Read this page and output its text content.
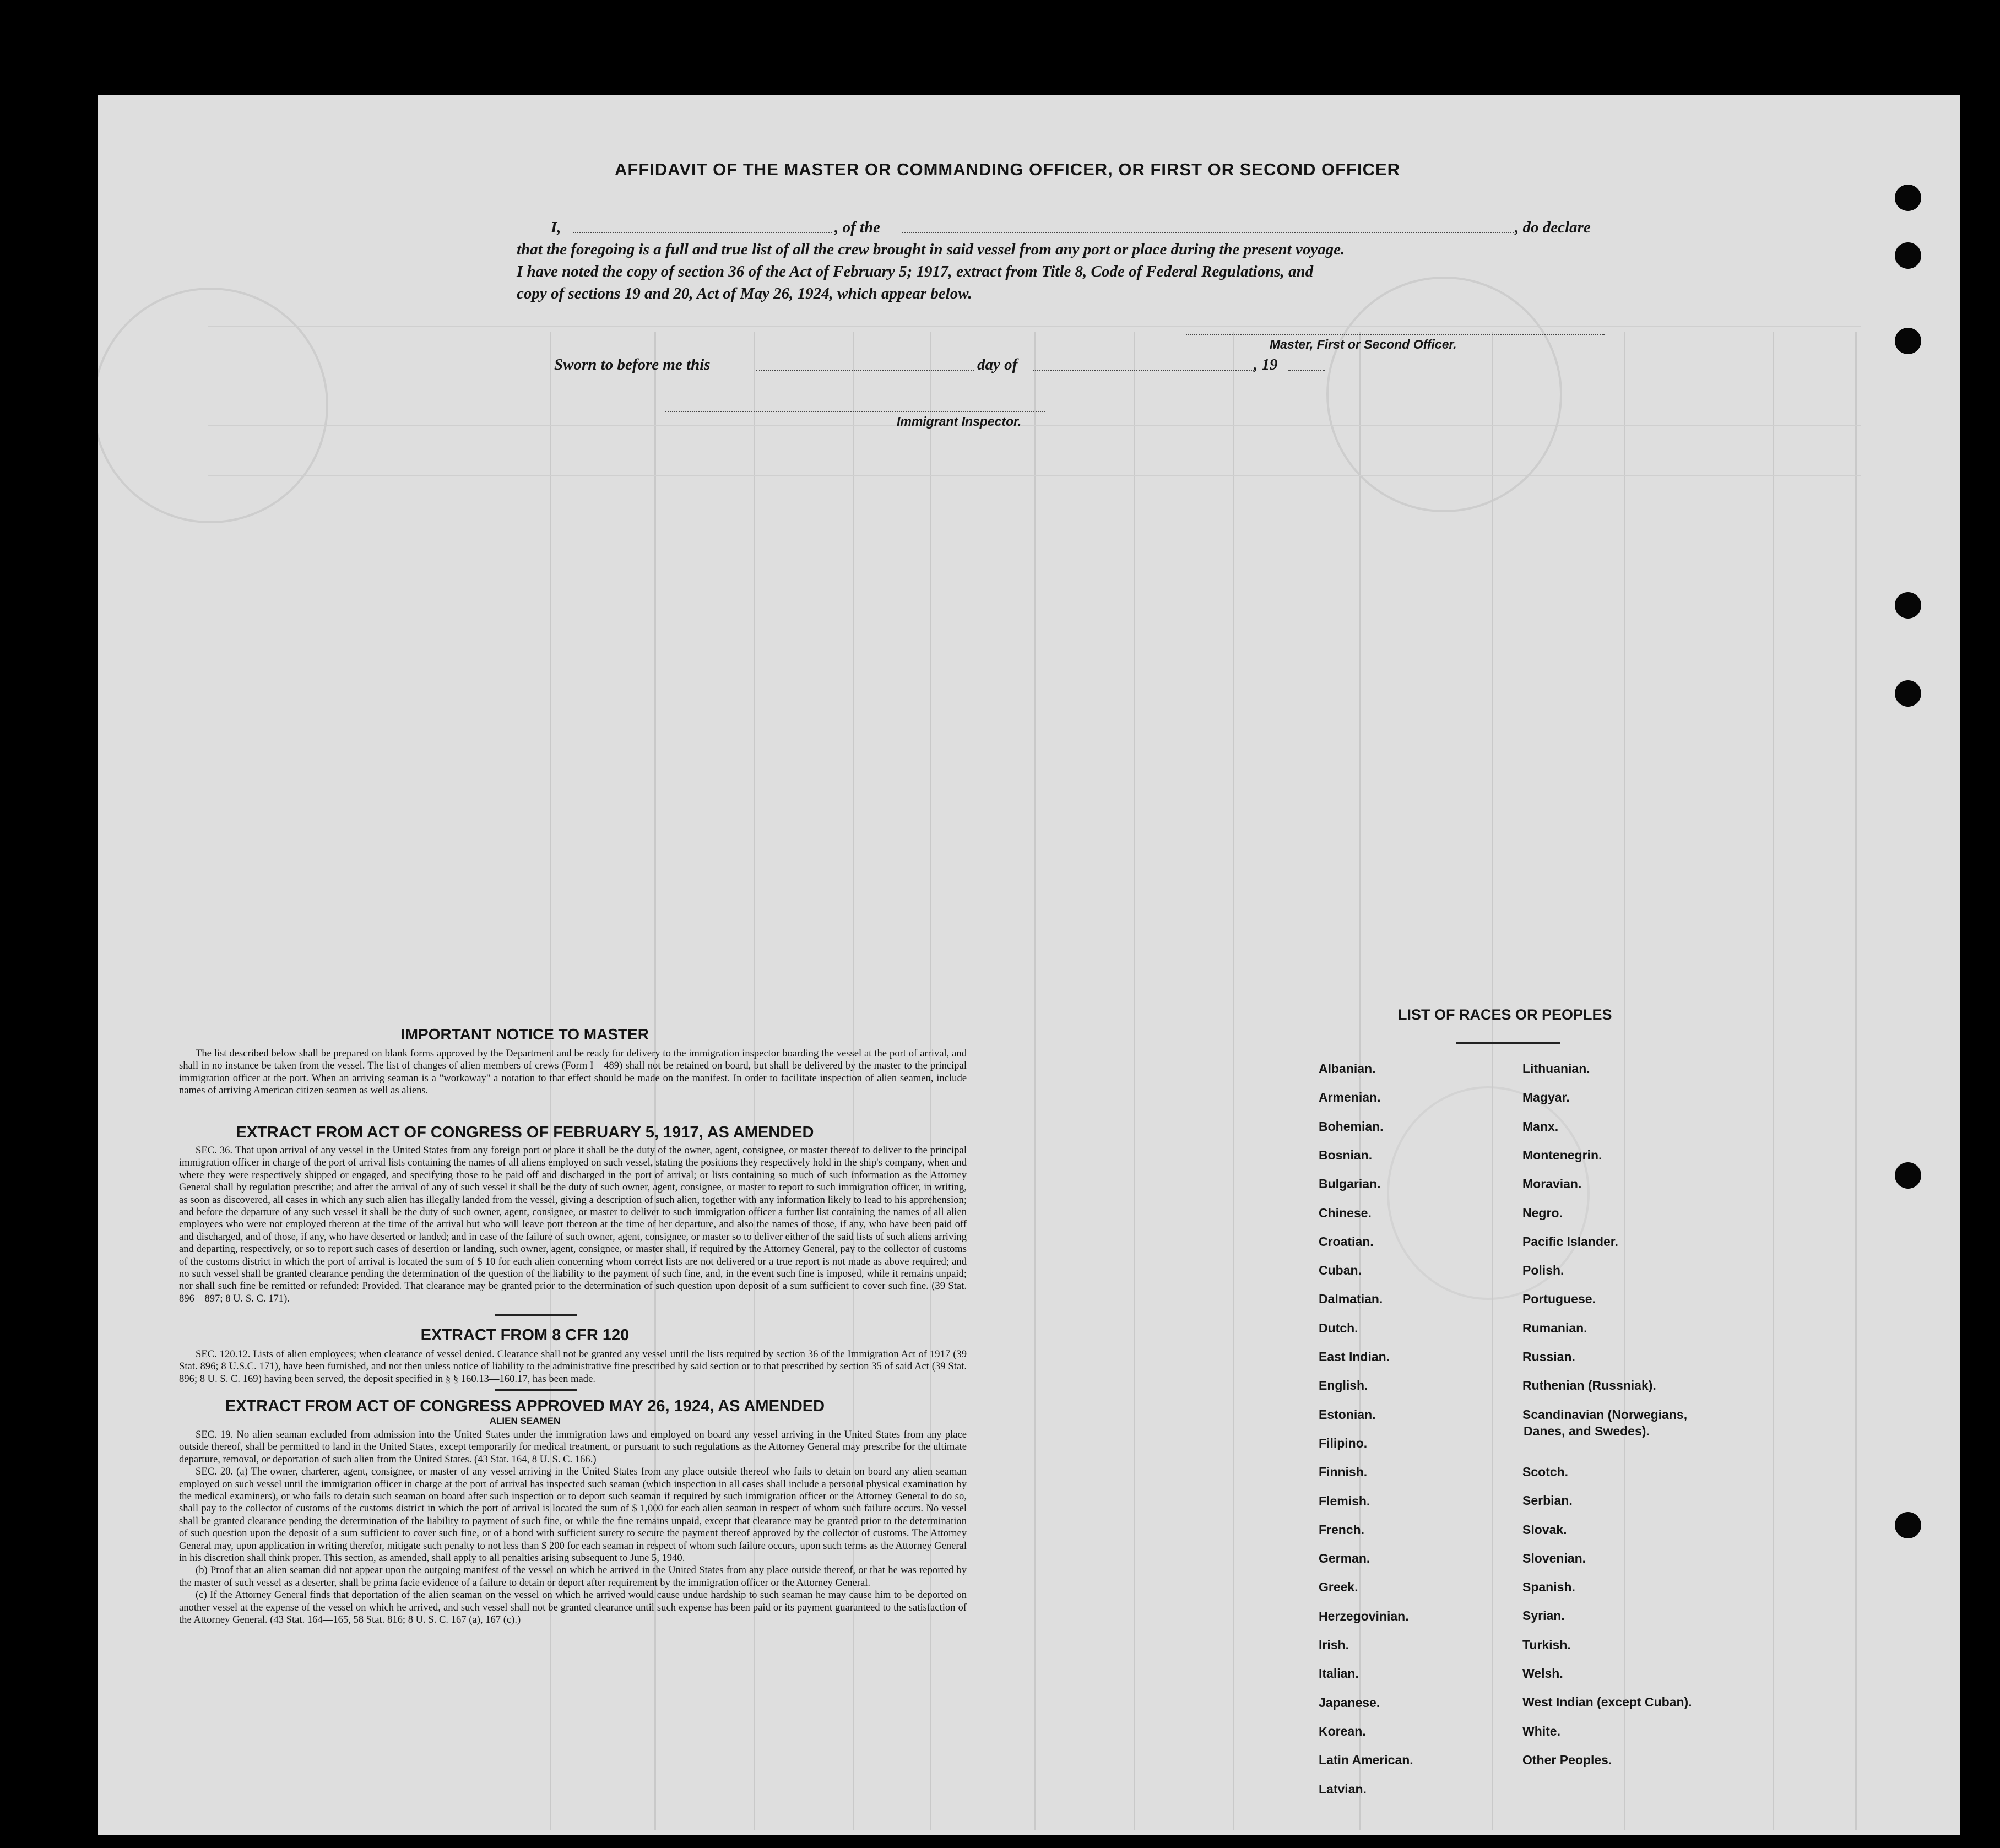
AFFIDAVIT OF THE MASTER OR COMMANDING OFFICER, OR FIRST OR SECOND OFFICER
I,	, of the	, do declare
that the foregoing is a full and true list of all the crew brought in said vessel from any port or place during the present voyage.
I have noted the copy of section 36 of the Act of February 5; 1917, extract from Title 8, Code of Federal Regulations, and
copy of sections 19 and 20, Act of May 26, 1924, which appear below.
Master, First or Second Officer.
Sworn to before me this	day of	, 19
Immigrant Inspector.
IMPORTANT NOTICE TO MASTER

The list described below shall be prepared on blank forms approved by the Department and be ready for delivery to the immigration inspector boarding the vessel at the port of arrival, and shall in no instance be taken from the vessel. The list of changes of alien members of crews (Form I—489) shall not be retained on board, but shall be delivered by the master to the principal immigration officer at the port. When an arriving seaman is a "workaway" a notation to that effect should be made on the manifest. In order to facilitate inspection of alien seamen, include names of arriving American citizen seamen as well as aliens.

EXTRACT FROM ACT OF CONGRESS OF FEBRUARY 5, 1917, AS AMENDED

SEC. 36. That upon arrival of any vessel in the United States from any foreign port or place it shall be the duty of the owner, agent, consignee, or master thereof to deliver to the principal immigration officer in charge of the port of arrival lists containing the names of all aliens employed on such vessel, stating the positions they respectively hold in the ship's company, when and where they were respectively shipped or engaged, and specifying those to be paid off and discharged in the port of arrival; or lists containing so much of such information as the Attorney General shall by regulation prescribe; and after the arrival of any of such vessel it shall be the duty of such owner, agent, consignee, or master to report to such immigration officer, in writing, as soon as discovered, all cases in which any such alien has illegally landed from the vessel, giving a description of such alien, together with any information likely to lead to his apprehension; and before the departure of any such vessel it shall be the duty of such owner, agent, consignee, or master to deliver to such immigration officer a further list containing the names of all alien employees who were not employed thereon at the time of the arrival but who will leave port thereon at the time of her departure, and also the names of those, if any, who have been paid off and discharged, and of those, if any, who have deserted or landed; and in case of the failure of such owner, agent, consignee, or master so to deliver either of the said lists of such aliens arriving and departing, respectively, or so to report such cases of desertion or landing, such owner, agent, consignee, or master shall, if required by the Attorney General, pay to the collector of customs of the customs district in which the port of arrival is located the sum of $ 10 for each alien concerning whom correct lists are not delivered or a true report is not made as above required; and no such vessel shall be granted clearance pending the determination of the question of the liability to the payment of such fine, and, in the event such fine is imposed, while it remains unpaid; nor shall such fine be remitted or refunded: Provided. That clearance may be granted prior to the determination of such question upon deposit of a sum sufficient to cover such fine. (39 Stat. 896—897; 8 U. S. C. 171).

EXTRACT FROM 8 CFR 120

SEC. 120.12. Lists of alien employees; when clearance of vessel denied. Clearance shall not be granted any vessel until the lists required by section 36 of the Immigration Act of 1917 (39 Stat. 896; 8 U.S.C. 171), have been furnished, and not then unless notice of liability to the administrative fine prescribed by said section or to that prescribed by section 35 of said Act (39 Stat. 896; 8 U. S. C. 169) having been served, the deposit specified in § § 160.13—160.17, has been made.

EXTRACT FROM ACT OF CONGRESS APPROVED MAY 26, 1924, AS AMENDED
ALIEN SEAMEN

SEC. 19. No alien seaman excluded from admission into the United States under the immigration laws and employed on board any vessel arriving in the United States from any place outside thereof, shall be permitted to land in the United States, except temporarily for medical treatment, or pursuant to such regulations as the Attorney General may prescribe for the ultimate departure, removal, or deportation of such alien from the United States. (43 Stat. 164, 8 U. S. C. 166.)

SEC. 20. (a) The owner, charterer, agent, consignee, or master of any vessel arriving in the United States from any place outside thereof who fails to detain on board any alien seaman employed on such vessel until the immigration officer in charge at the port of arrival has inspected such seaman (which inspection in all cases shall include a personal physical examination by the medical examiners), or who fails to detain such seaman on board after such inspection or to deport such seaman if required by such immigration officer or the Attorney General to do so, shall pay to the collector of customs of the customs district in which the port of arrival is located the sum of $ 1,000 for each alien seaman in respect of whom such failure occurs. No vessel shall be granted clearance pending the determination of the liability to payment of such fine, or while the fine remains unpaid, except that clearance may be granted prior to the determination of such question upon the deposit of a sum sufficient to cover such fine, or of a bond with sufficient surety to secure the payment thereof approved by the collector of customs. The Attorney General may, upon application in writing therefor, mitigate such penalty to not less than $ 200 for each seaman in respect of whom such failure occurs, upon such terms as the Attorney General in his discretion shall think proper. This section, as amended, shall apply to all penalties arising subsequent to June 5, 1940.

(b) Proof that an alien seaman did not appear upon the outgoing manifest of the vessel on which he arrived in the United States from any place outside thereof, or that he was reported by the master of such vessel as a deserter, shall be prima facie evidence of a failure to detain or deport after requirement by the immigration officer or the Attorney General.

(c) If the Attorney General finds that deportation of the alien seaman on the vessel on which he arrived would cause undue hardship to such seaman he may cause him to be deported on another vessel at the expense of the vessel on which he arrived, and such vessel shall not be granted clearance until such expense has been paid or its payment guaranteed to the satisfaction of the Attorney General. (43 Stat. 164—165, 58 Stat. 816; 8 U. S. C. 167 (a), 167 (c).)

LIST OF RACES OR PEOPLES
Albanian.
Armenian.
Bohemian.
Bosnian.
Bulgarian.
Chinese.
Croatian.
Cuban.
Dalmatian.
Dutch.
East Indian.
English.
Estonian.
Filipino.
Finnish.
Flemish.
French.
German.
Greek.
Herzegovinian.
Irish.
Italian.
Japanese.
Korean.
Latin American.
Latvian.
Lithuanian.
Magyar.
Manx.
Montenegrin.
Moravian.
Negro.
Pacific Islander.
Polish.
Portuguese.
Rumanian.
Russian.
Ruthenian (Russniak).
Scandinavian (Norwegians,
Danes, and Swedes).
Scotch.
Serbian.
Slovak.
Slovenian.
Spanish.
Syrian.
Turkish.
Welsh.
West Indian (except Cuban).
White.
Other Peoples.
